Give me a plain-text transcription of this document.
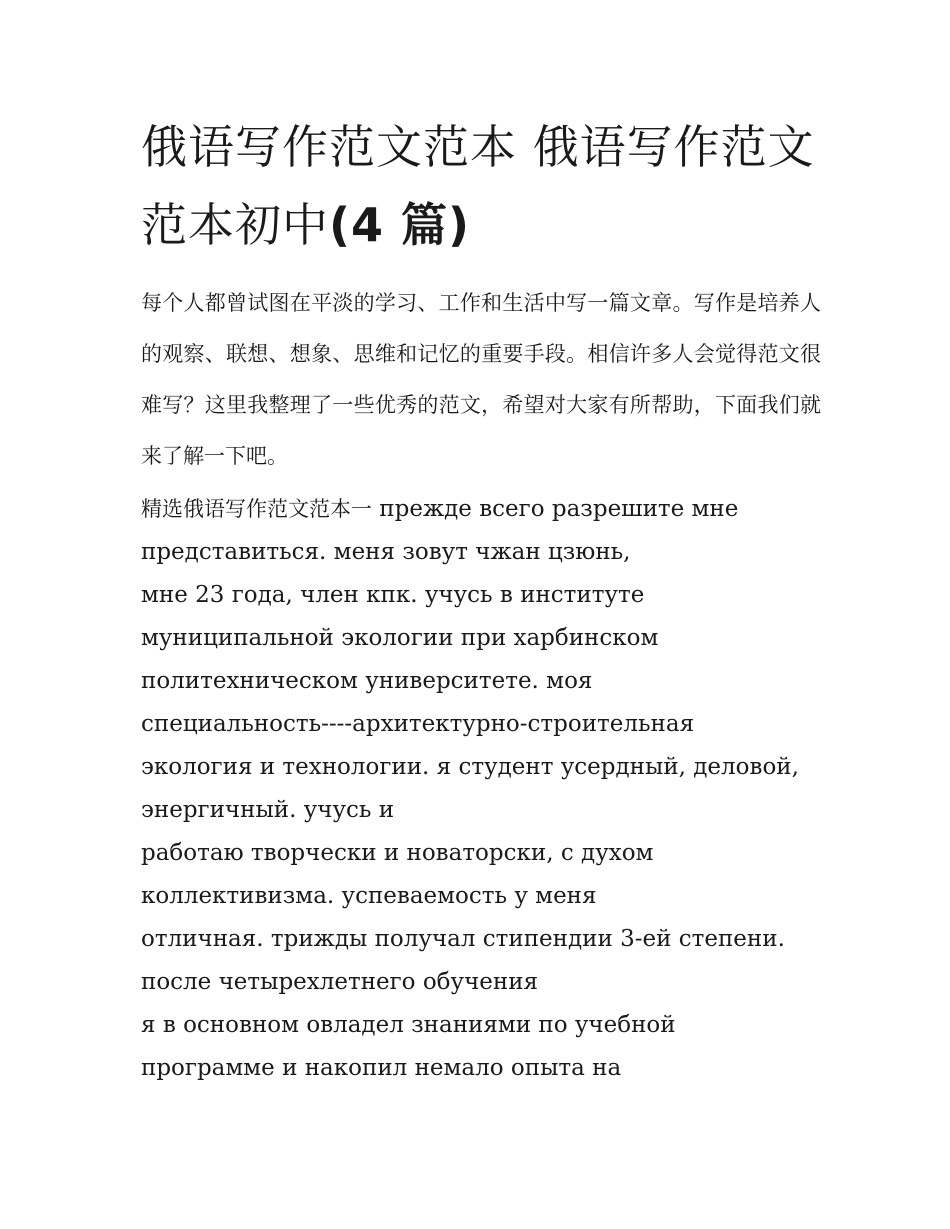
俄语写作范文范本 俄语写作范文范本初中(4 篇)

每个人都曾试图在平淡的学习、工作和生活中写一篇文章。写作是培养人的观察、联想、想象、思维和记忆的重要手段。相信许多人会觉得范文很难写？这里我整理了一些优秀的范文，希望对大家有所帮助，下面我们就来了解一下吧。

精选俄语写作范文范本一 прежде всего разрешите мне
представиться. меня зовут чжан цзюнь,
мне 23 года, член кпк. учусь в институте
муниципальной экологии при харбинском
политехническом университете. моя
специальность----архитектурно-строительная
экология и технологии. я студент усердный, деловой,
энергичный. учусь и
работаю творчески и новаторски, с духом
коллективизма. успеваемость у меня
отличная. трижды получал стипендии 3-ей степени.
после четырехлетнего обучения
я в основном овладел знаниями по учебной
программе и накопил немало опыта на
